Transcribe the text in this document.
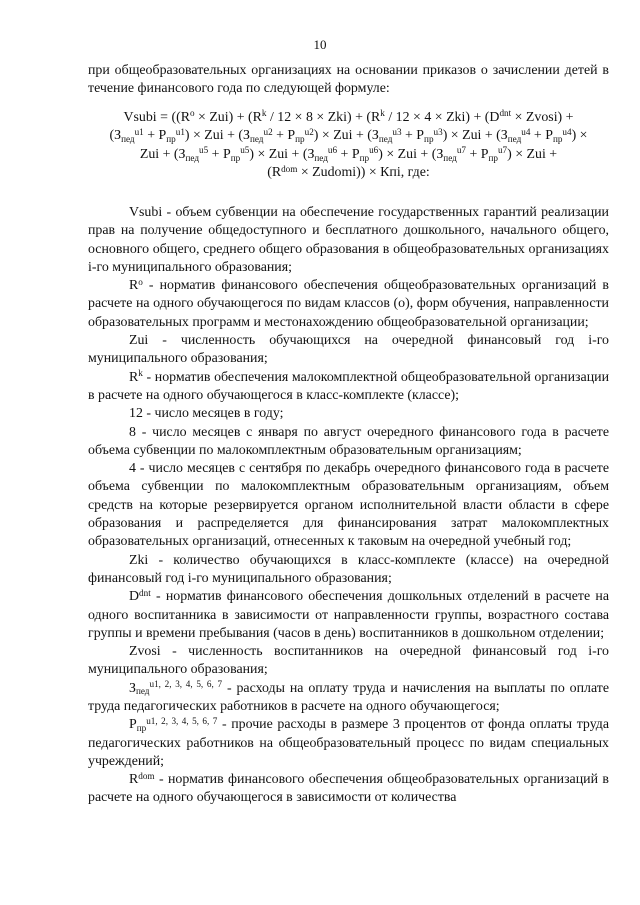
10

при общеобразовательных организациях на основании приказов о зачислении детей в течение финансового года по следующей формуле:

Vsubi = ($(R^o \times Zui) + (R^k / 12 \times 8 \times Zki) + (R^k / 12 \times 4 \times Zki) + (D^{dnt}$ × Zvosi) +
$(З_{пед}^{u1} + Р_{пр}^{u1})$ × Zui + $(З_{пед}^{u2} + Р_{пр}^{u2})$ × Zui + $(З_{пед}^{u3} + Р_{пр}^{u3})$ × Zui + $(З_{пед}^{u4} + Р_{пр}^{u4})$ ×
Zui + $(З_{пед}^{u5} + Р_{пр}^{u5})$ × Zui + $(З_{пед}^{u6} + Р_{пр}^{u6})$ × Zui + $(З_{пед}^{u7} + Р_{пр}^{u7})$ × Zui +
($R^{dom}$ × Zudomi)) × Кпi, где:

Vsubi - объем субвенции на обеспечение государственных гарантий реализации прав на получение общедоступного и бесплатного дошкольного, начального общего, основного общего, среднего общего образования в общеобразовательных организациях i-го муниципального образования;

$R^o$ - норматив финансового обеспечения общеобразовательных организаций в расчете на одного обучающегося по видам классов (о), форм обучения, направленности образовательных программ и местонахождению общеобразовательной организации;

Zui - численность обучающихся на очередной финансовый год i-го муниципального образования;

$R^k$ - норматив обеспечения малокомплектной общеобразовательной организации в расчете на одного обучающегося в класс-комплекте (классе);

12 - число месяцев в году;

8 - число месяцев с января по август очередного финансового года в расчете объема субвенции по малокомплектным образовательным организациям;

4 - число месяцев с сентября по декабрь очередного финансового года в расчете объема субвенции по малокомплектным образовательным организациям, объем средств на которые резервируется органом исполнительной власти области в сфере образования и распределяется для финансирования затрат малокомплектных образовательных организаций, отнесенных к таковым на очередной учебный год;

Zki - количество обучающихся в класс-комплекте (классе) на очередной финансовый год i-го муниципального образования;

$D^{dnt}$ - норматив финансового обеспечения дошкольных отделений в расчете на одного воспитанника в зависимости от направленности группы, возрастного состава группы и времени пребывания (часов в день) воспитанников в дошкольном отделении;

Zvosi - численность воспитанников на очередной финансовый год i-го муниципального образования;

$З_{пед}^{u1, 2, 3, 4, 5, 6, 7}$ - расходы на оплату труда и начисления на выплаты по оплате труда педагогических работников в расчете на одного обучающегося;

$Р_{пр}^{u1, 2, 3, 4, 5, 6, 7}$ - прочие расходы в размере 3 процентов от фонда оплаты труда педагогических работников на общеобразовательный процесс по видам специальных учреждений;

$R^{dom}$ - норматив финансового обеспечения общеобразовательных организаций в расчете на одного обучающегося в зависимости от количества
